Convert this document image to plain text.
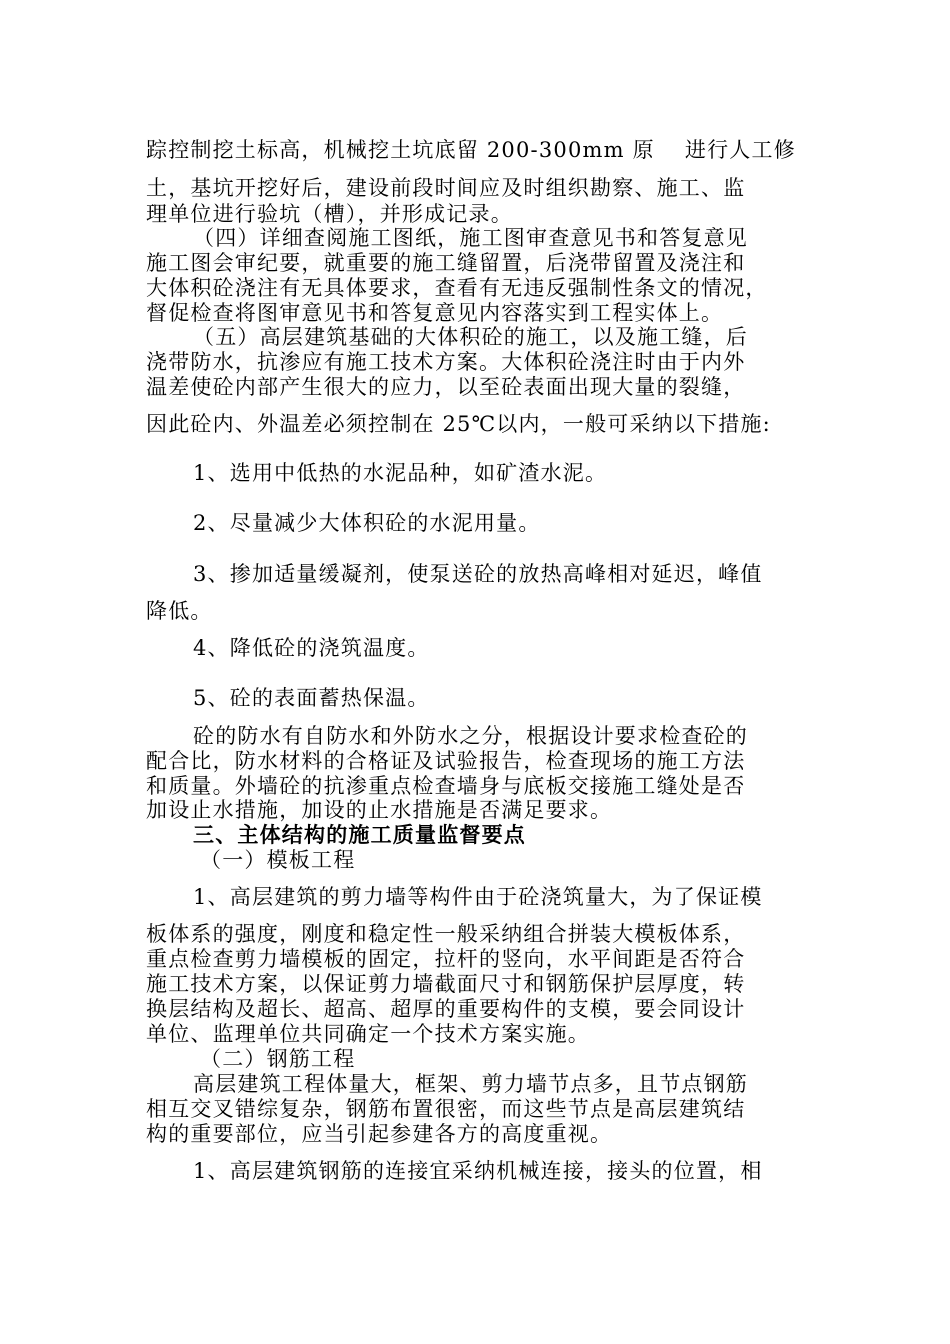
踪控制挖土标高，机械挖土坑底留 200-300mm 原　 进行人工修
土，基坑开挖好后，建设前段时间应及时组织勘察、施工、监
理单位进行验坑（槽），并形成记录。
（四）详细查阅施工图纸，施工图审查意见书和答复意见
施工图会审纪要，就重要的施工缝留置，后浇带留置及浇注和
大体积砼浇注有无具体要求，查看有无违反强制性条文的情况，
督促检查将图审意见书和答复意见内容落实到工程实体上。
（五）高层建筑基础的大体积砼的施工，以及施工缝，后
浇带防水，抗渗应有施工技术方案。大体积砼浇注时由于内外
温差使砼内部产生很大的应力，以至砼表面出现大量的裂缝，
因此砼内、外温差必须控制在 25℃以内，一般可采纳以下措施:
1、选用中低热的水泥品种，如矿渣水泥。
2、尽量减少大体积砼的水泥用量。
3、掺加适量缓凝剂，使泵送砼的放热高峰相对延迟，峰值
降低。
4、降低砼的浇筑温度。
5、砼的表面蓄热保温。
砼的防水有自防水和外防水之分，根据设计要求检查砼的
配合比，防水材料的合格证及试验报告，检查现场的施工方法
和质量。外墙砼的抗渗重点检查墙身与底板交接施工缝处是否
加设止水措施，加设的止水措施是否满足要求。
三、主体结构的施工质量监督要点
（一）模板工程
1、高层建筑的剪力墙等构件由于砼浇筑量大，为了保证模
板体系的强度，刚度和稳定性一般采纳组合拼装大模板体系，
重点检查剪力墙模板的固定，拉杆的竖向，水平间距是否符合
施工技术方案，以保证剪力墙截面尺寸和钢筋保护层厚度，转
换层结构及超长、超高、超厚的重要构件的支模，要会同设计
单位、监理单位共同确定一个技术方案实施。
（二）钢筋工程
高层建筑工程体量大，框架、剪力墙节点多，且节点钢筋
相互交叉错综复杂，钢筋布置很密，而这些节点是高层建筑结
构的重要部位，应当引起参建各方的高度重视。
1、高层建筑钢筋的连接宜采纳机械连接，接头的位置，相
